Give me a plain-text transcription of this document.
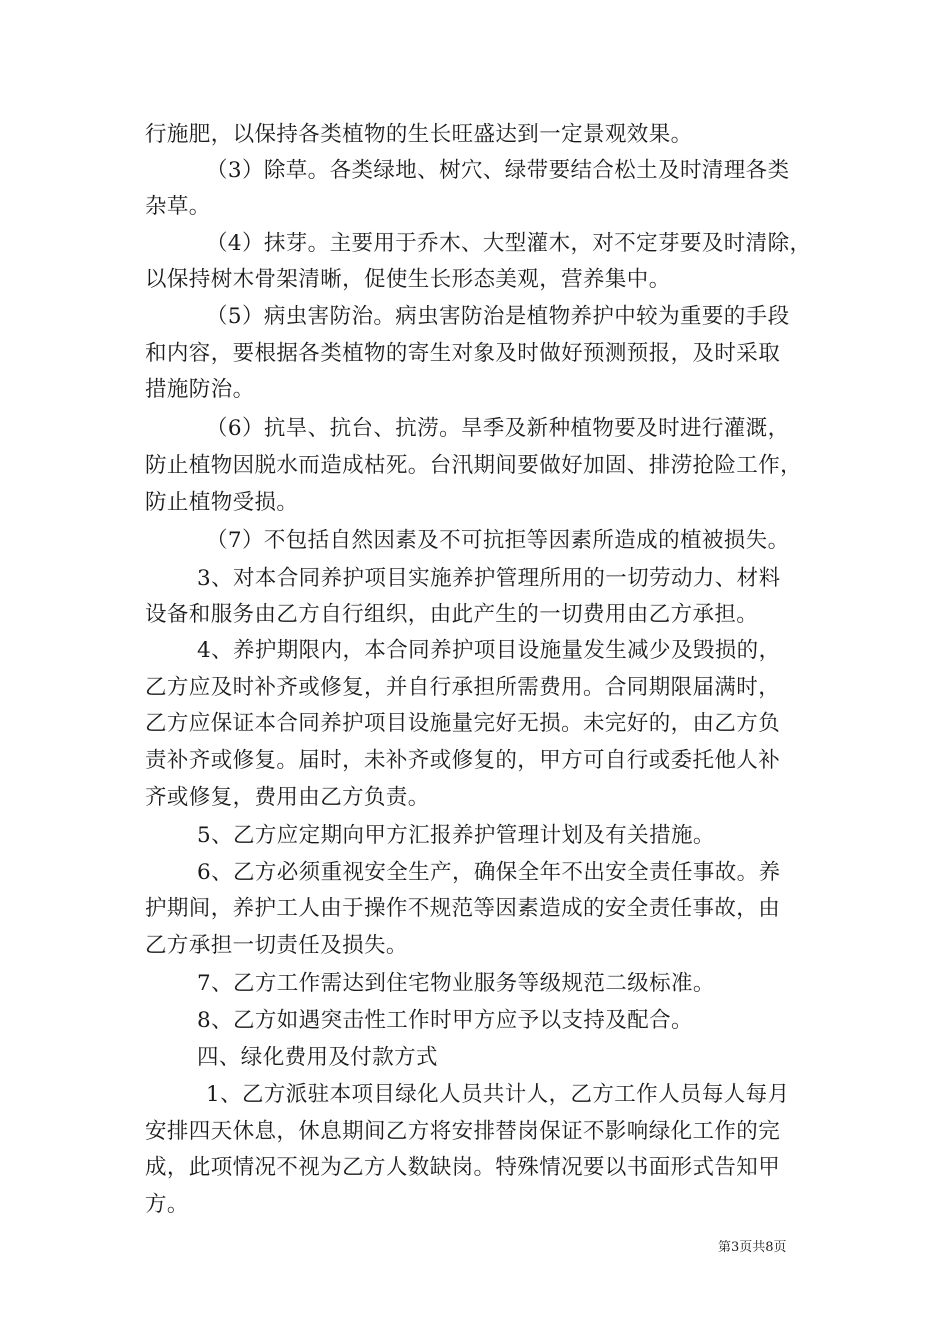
行施肥，以保持各类植物的生长旺盛达到一定景观效果。
（3）除草。各类绿地、树穴、绿带要结合松土及时清理各类
杂草。
（4）抹芽。主要用于乔木、大型灌木，对不定芽要及时清除，
以保持树木骨架清晰，促使生长形态美观，营养集中。
（5）病虫害防治。病虫害防治是植物养护中较为重要的手段
和内容，要根据各类植物的寄生对象及时做好预测预报，及时采取
措施防治。
（6）抗旱、抗台、抗涝。旱季及新种植物要及时进行灌溉，
防止植物因脱水而造成枯死。台汛期间要做好加固、排涝抢险工作，
防止植物受损。
（7）不包括自然因素及不可抗拒等因素所造成的植被损失。
3、对本合同养护项目实施养护管理所用的一切劳动力、材料
设备和服务由乙方自行组织，由此产生的一切费用由乙方承担。
4、养护期限内，本合同养护项目设施量发生减少及毁损的，
乙方应及时补齐或修复，并自行承担所需费用。合同期限届满时，
乙方应保证本合同养护项目设施量完好无损。未完好的，由乙方负
责补齐或修复。届时，未补齐或修复的，甲方可自行或委托他人补
齐或修复，费用由乙方负责。
5、乙方应定期向甲方汇报养护管理计划及有关措施。
6、乙方必须重视安全生产，确保全年不出安全责任事故。养
护期间，养护工人由于操作不规范等因素造成的安全责任事故，由
乙方承担一切责任及损失。
7、乙方工作需达到住宅物业服务等级规范二级标准。
8、乙方如遇突击性工作时甲方应予以支持及配合。
四、绿化费用及付款方式
1、乙方派驻本项目绿化人员共计人，乙方工作人员每人每月
安排四天休息，休息期间乙方将安排替岗保证不影响绿化工作的完
成，此项情况不视为乙方人数缺岗。特殊情况要以书面形式告知甲
方。
第3页共8页
